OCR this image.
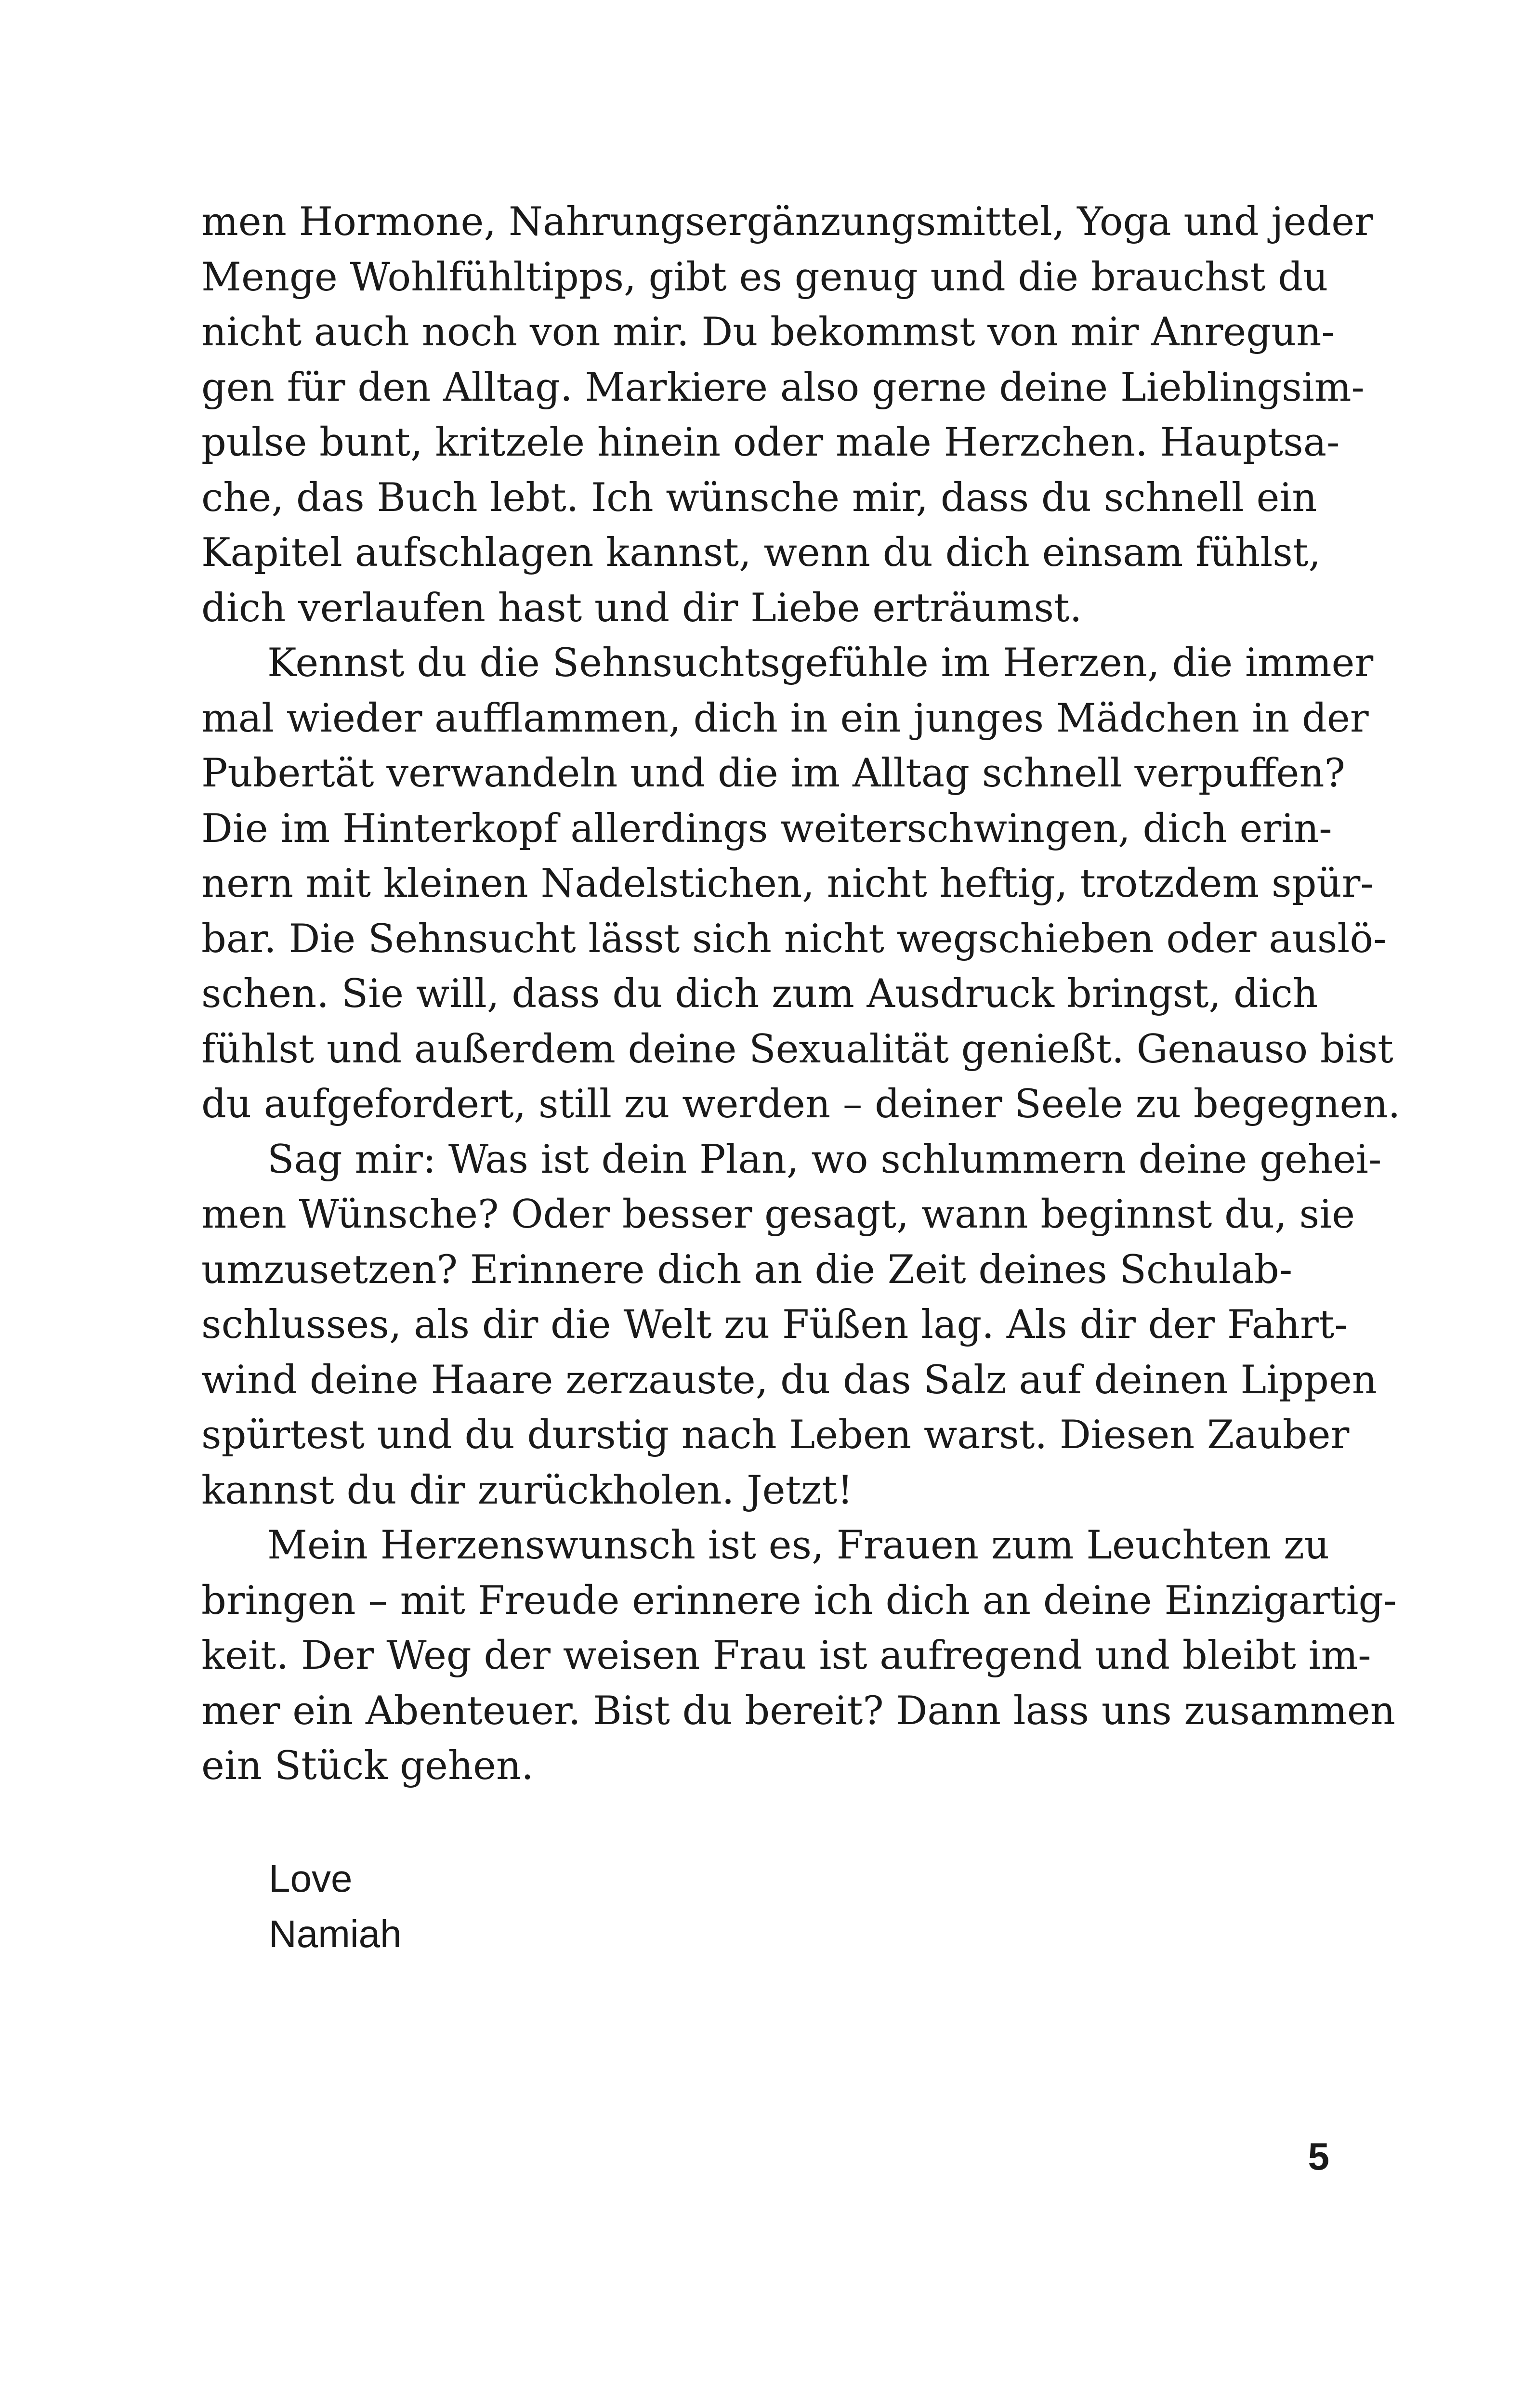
men Hormone, Nahrungsergänzungsmittel, Yoga und jeder
Menge Wohlfühltipps, gibt es genug und die brauchst du
nicht auch noch von mir. Du bekommst von mir Anregun-
gen für den Alltag. Markiere also gerne deine Lieblingsim-
pulse bunt, kritzele hinein oder male Herzchen. Hauptsa-
che, das Buch lebt. Ich wünsche mir, dass du schnell ein
Kapitel aufschlagen kannst, wenn du dich einsam fühlst,
dich verlaufen hast und dir Liebe erträumst.
Kennst du die Sehnsuchtsgefühle im Herzen, die immer
mal wieder aufflammen, dich in ein junges Mädchen in der
Pubertät verwandeln und die im Alltag schnell verpuffen?
Die im Hinterkopf allerdings weiterschwingen, dich erin-
nern mit kleinen Nadelstichen, nicht heftig, trotzdem spür-
bar. Die Sehnsucht lässt sich nicht wegschieben oder auslö-
schen. Sie will, dass du dich zum Ausdruck bringst, dich
fühlst und außerdem deine Sexualität genießt. Genauso bist
du aufgefordert, still zu werden – deiner Seele zu begegnen.
Sag mir: Was ist dein Plan, wo schlummern deine gehei-
men Wünsche? Oder besser gesagt, wann beginnst du, sie
umzusetzen? Erinnere dich an die Zeit deines Schulab-
schlusses, als dir die Welt zu Füßen lag. Als dir der Fahrt-
wind deine Haare zerzauste, du das Salz auf deinen Lippen
spürtest und du durstig nach Leben warst. Diesen Zauber
kannst du dir zurückholen. Jetzt!
Mein Herzenswunsch ist es, Frauen zum Leuchten zu
bringen – mit Freude erinnere ich dich an deine Einzigartig-
keit. Der Weg der weisen Frau ist aufregend und bleibt im-
mer ein Abenteuer. Bist du bereit? Dann lass uns zusammen
ein Stück gehen.
Love
Namiah
5
